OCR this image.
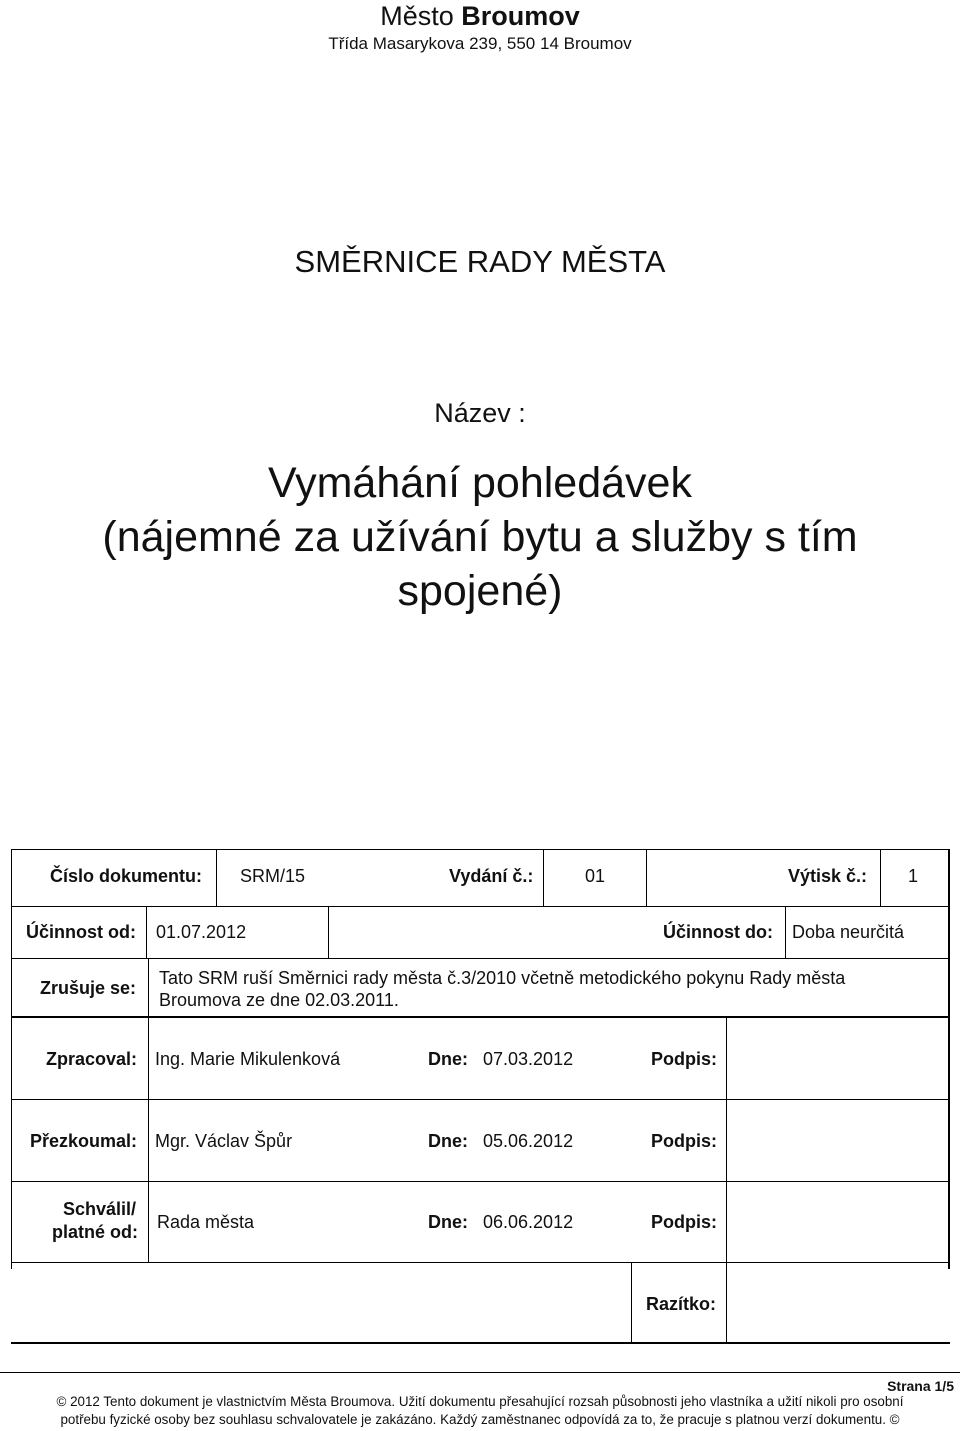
Město Broumov
Třída Masarykova 239, 550 14 Broumov
SMĚRNICE RADY MĚSTA
Název :
Vymáhání pohledávek
(nájemné za užívání bytu a služby s tím
spojené)
Číslo dokumentu: SRM/15	Vydání č.:	01	Výtisk č.: 1
Účinnost od: 01.07.2012	Účinnost do: Doba neurčitá
Zrušuje se: Tato SRM ruší Směrnici rady města č.3/2010 včetně metodického pokynu Rady města
Broumova ze dne 02.03.2011.
Zpracoval: Ing. Marie Mikulenková	Dne: 07.03.2012	Podpis:
Přezkoumal: Mgr. Václav Špůr	Dne: 05.06.2012	Podpis:
Schválil/
platné od: Rada města	Dne: 06.06.2012	Podpis:
Razítko:
Strana 1/5
© 2012 Tento dokument je vlastnictvím Města Broumova. Užití dokumentu přesahující rozsah působnosti jeho vlastníka a užití nikoli pro osobní
potřebu fyzické osoby bez souhlasu schvalovatele je zakázáno. Každý zaměstnanec odpovídá za to, že pracuje s platnou verzí dokumentu. ©
